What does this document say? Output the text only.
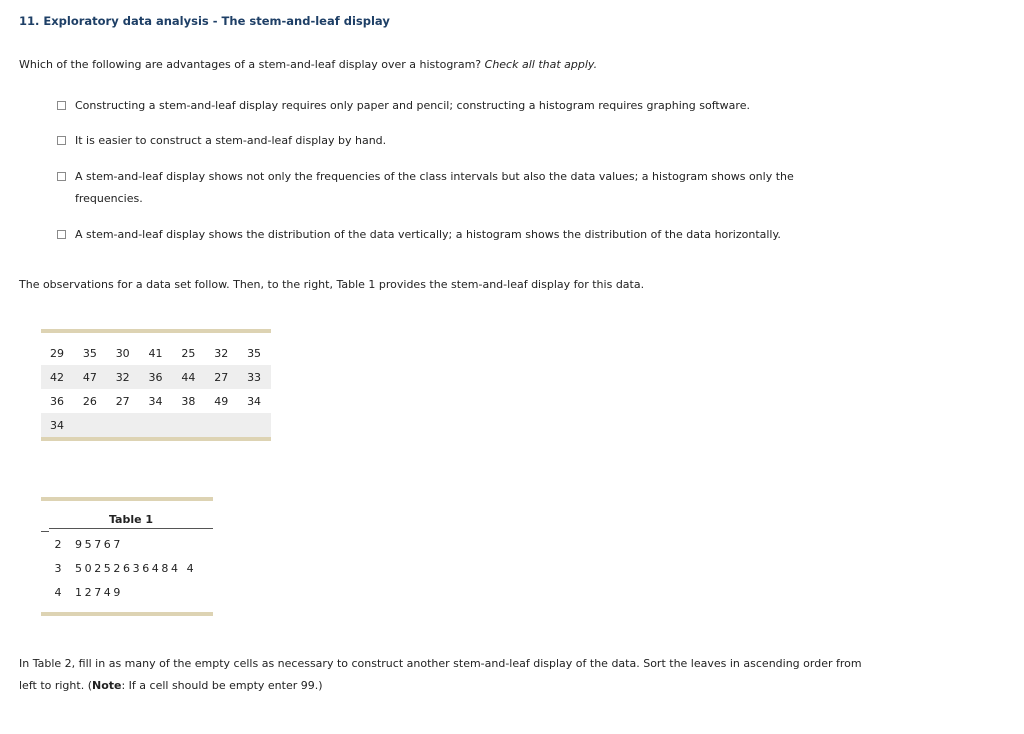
11. Exploratory data analysis - The stem-and-leaf display
Which of the following are advantages of a stem-and-leaf display over a histogram? Check all that apply.
Constructing a stem-and-leaf display requires only paper and pencil; constructing a histogram requires graphing software.
It is easier to construct a stem-and-leaf display by hand.
A stem-and-leaf display shows not only the frequencies of the class intervals but also the data values; a histogram shows only the frequencies.
A stem-and-leaf display shows the distribution of the data vertically; a histogram shows the distribution of the data horizontally.
The observations for a data set follow. Then, to the right, Table 1 provides the stem-and-leaf display for this data.
29	35	30	41	25	32	35
42	47	32	36	44	27	33
36	26	27	34	38	49	34
34						
Table 1
2	95767
3	50252636484 4
4	12749
In Table 2, fill in as many of the empty cells as necessary to construct another stem-and-leaf display of the data. Sort the leaves in ascending order from left to right. (Note: If a cell should be empty enter 99.)
